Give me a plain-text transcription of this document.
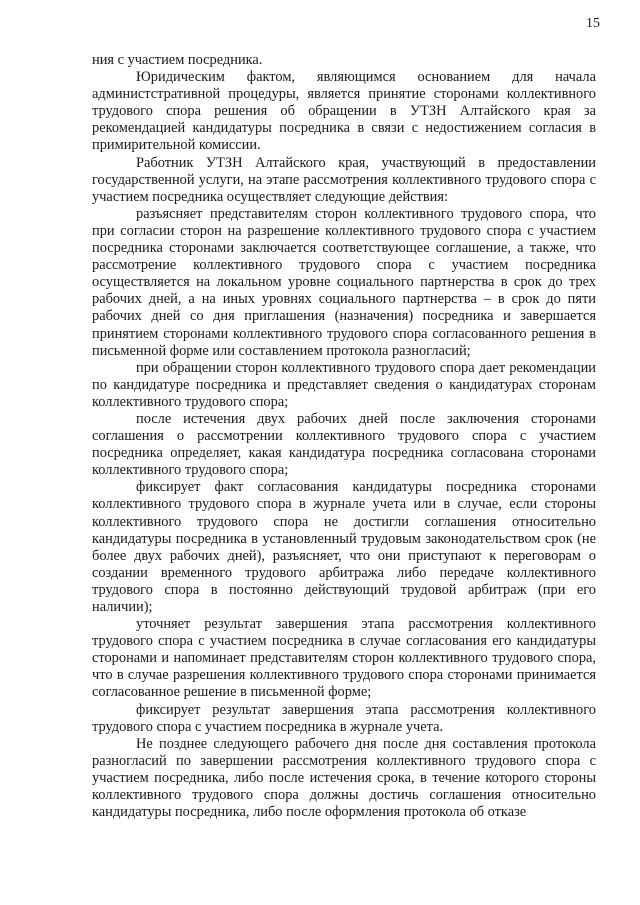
15

ния с участием посредника.

Юридическим фактом, являющимся основанием для начала администстративной процедуры, является принятие сторонами коллективного трудового спора решения об обращении в УТЗН Алтайского края за рекомендацией кандидатуры посредника в связи с недостижением согласия в примирительной комиссии.

Работник УТЗН Алтайского края, участвующий в предоставлении государственной услуги, на этапе рассмотрения коллективного трудового спора с участием посредника осуществляет следующие действия:

разъясняет представителям сторон коллективного трудового спора, что при согласии сторон на разрешение коллективного трудового спора с участием посредника сторонами заключается соответствующее соглашение, а также, что рассмотрение коллективного трудового спора с участием посредника осуществляется на локальном уровне социального партнерства в срок до трех рабочих дней, а на иных уровнях социального партнерства – в срок до пяти рабочих дней со дня приглашения (назначения) посредника и завершается принятием сторонами коллективного трудового спора согласованного решения в письменной форме или составлением протокола разногласий;

при обращении сторон коллективного трудового спора дает рекомендации по кандидатуре посредника и представляет сведения о кандидатурах сторонам коллективного трудового спора;

после истечения двух рабочих дней после заключения сторонами соглашения о рассмотрении коллективного трудового спора с участием посредника определяет, какая кандидатура посредника согласована сторонами коллективного трудового спора;

фиксирует факт согласования кандидатуры посредника сторонами коллективного трудового спора в журнале учета или в случае, если стороны коллективного трудового спора не достигли соглашения относительно кандидатуры посредника в установленный трудовым законодательством срок (не более двух рабочих дней), разъясняет, что они приступают к переговорам о создании временного трудового арбитража либо передаче коллективного трудового спора в постоянно действующий трудовой арбитраж (при его наличии);

уточняет результат завершения этапа рассмотрения коллективного трудового спора с участием посредника в случае согласования его кандидатуры сторонами и напоминает представителям сторон коллективного трудового спора, что в случае разрешения коллективного трудового спора сторонами принимается согласованное решение в письменной форме;

фиксирует результат завершения этапа рассмотрения коллективного трудового спора с участием посредника в журнале учета.

Не позднее следующего рабочего дня после дня составления протокола разногласий по завершении рассмотрения коллективного трудового спора с участием посредника, либо после истечения срока, в течение которого стороны коллективного трудового спора должны достичь соглашения относительно кандидатуры посредника, либо после оформления протокола об отказе
